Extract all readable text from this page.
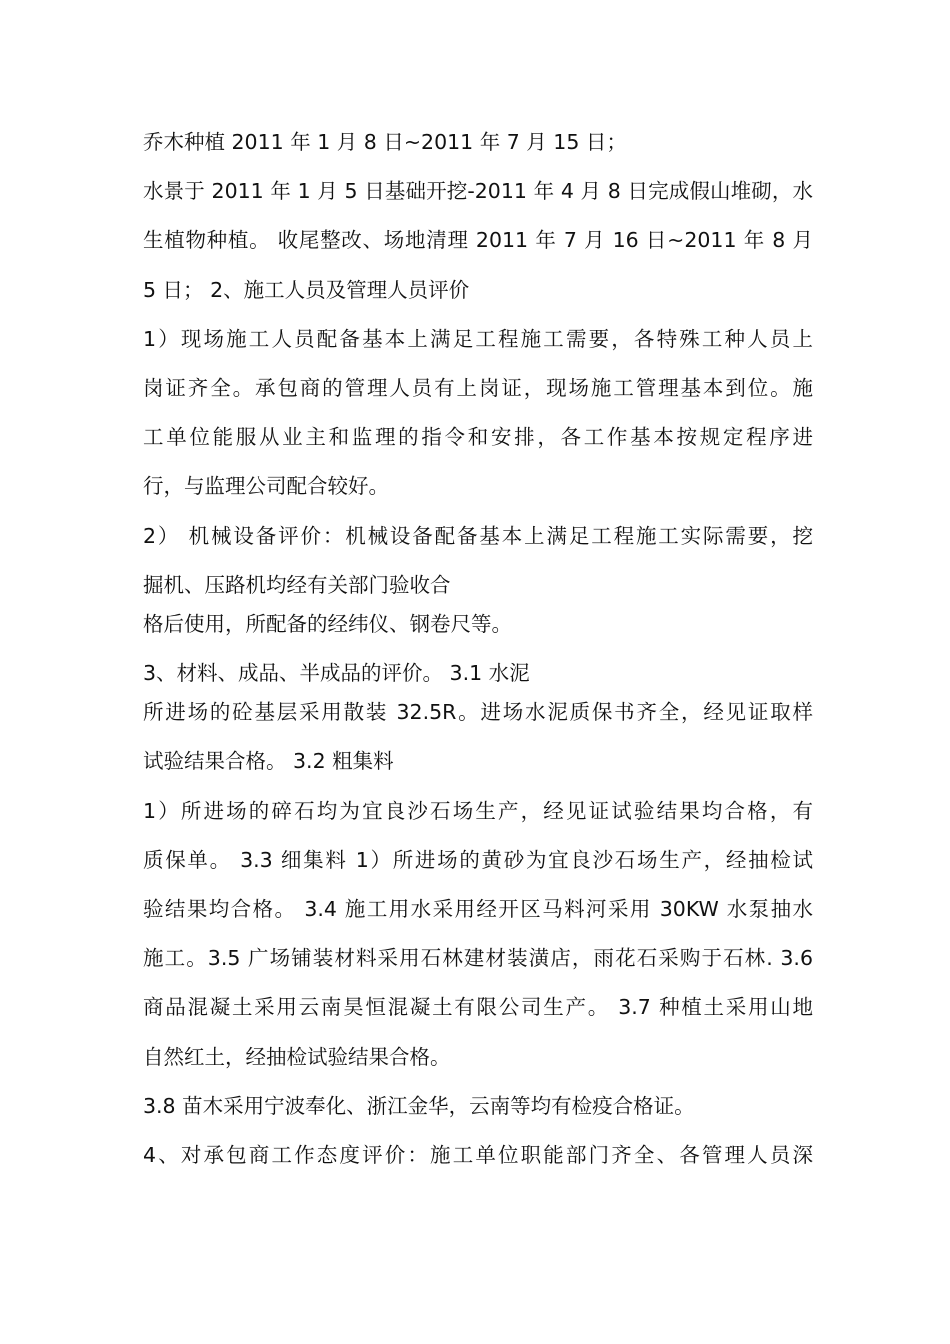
乔木种植 2011 年 1 月 8 日~2011 年 7 月 15 日；
水景于 2011 年 1 月 5 日基础开挖-2011 年 4 月 8 日完成假山堆砌，水
生植物种植。 收尾整改、场地清理 2011 年 7 月 16 日~2011 年 8 月
5 日； 2、施工人员及管理人员评价
1）现场施工人员配备基本上满足工程施工需要，各特殊工种人员上
岗证齐全。承包商的管理人员有上岗证，现场施工管理基本到位。施
工单位能服从业主和监理的指令和安排，各工作基本按规定程序进
行，与监理公司配合较好。
2） 机械设备评价：机械设备配备基本上满足工程施工实际需要，挖
掘机、压路机均经有关部门验收合
格后使用，所配备的经纬仪、钢卷尺等。
3、材料、成品、半成品的评价。 3.1 水泥
所进场的砼基层采用散装 32.5R。进场水泥质保书齐全，经见证取样
试验结果合格。 3.2 粗集料
1）所进场的碎石均为宜良沙石场生产，经见证试验结果均合格，有
质保单。 3.3 细集料 1）所进场的黄砂为宜良沙石场生产，经抽检试
验结果均合格。 3.4 施工用水采用经开区马料河采用 30KW 水泵抽水
施工。3.5 广场铺装材料采用石林建材装潢店，雨花石采购于石林. 3.6
商品混凝土采用云南昊恒混凝土有限公司生产。 3.7 种植土采用山地
自然红土，经抽检试验结果合格。
3.8 苗木采用宁波奉化、浙江金华，云南等均有检疫合格证。
4、对承包商工作态度评价：施工单位职能部门齐全、各管理人员深
